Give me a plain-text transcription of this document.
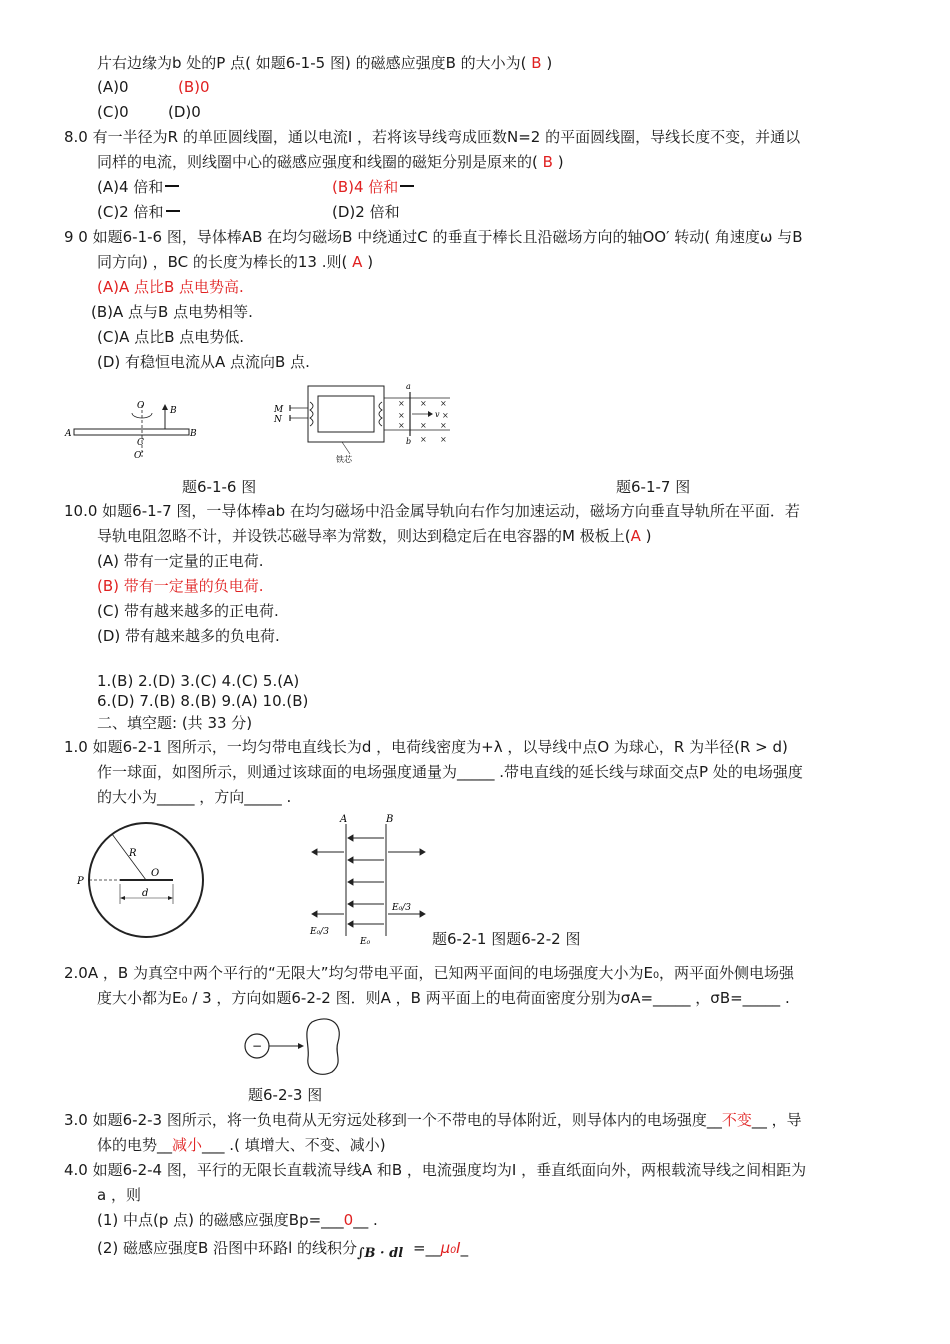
片右边缘为b 处的P 点( 如题6-1-5 图) 的磁感应强度B 的大小为( B )
(A)0	(B)0
(C)0	(D)0
8.0 有一半径为R 的单匝圆线圈，通以电流I ，若将该导线弯成匝数N=2 的平面圆线圈，导线长度不变，并通以
同样的电流，则线圈中心的磁感应强度和线圈的磁矩分别是原来的( B )
(A)4 倍和	(B)4 倍和
(C)2 倍和	(D)2 倍和
9 0 如题6-1-6 图，导体棒AB 在均匀磁场B 中绕通过C 的垂直于棒长且沿磁场方向的轴OO′ 转动( 角速度ω 与B
同方向) ，BC 的长度为棒长的13 .则( A )
(A)A 点比B 点电势高.
(B)A 点与B 点电势相等.
(C)A 点比B 点电势低.
(D) 有稳恒电流从A 点流向B 点.
O	B
A
C
B
O′
M
N
a
b
v
× × ×
×	×
× × ×
× ×
铁芯
题6-1-6 图	题6-1-7 图
10.0 如题6-1-7 图，一导体棒ab 在均匀磁场中沿金属导轨向右作匀加速运动，磁场方向垂直导轨所在平面．若
导轨电阻忽略不计，并设铁芯磁导率为常数，则达到稳定后在电容器的M 极板上(A )
(A) 带有一定量的正电荷.
(B) 带有一定量的负电荷.
(C) 带有越来越多的正电荷.
(D) 带有越来越多的负电荷.
1.(B) 2.(D) 3.(C) 4.(C) 5.(A)
6.(D) 7.(B) 8.(B) 9.(A) 10.(B)
二、填空题: (共 33 分)
1.0 如题6-2-1 图所示，一均匀带电直线长为d ，电荷线密度为+λ ，以导线中点O 为球心，R 为半径(R > d)
作一球面，如图所示，则通过该球面的电场强度通量为_____ .带电直线的延长线与球面交点P 处的电场强度
的大小为_____ ，方向_____ .
R
O
P
d
A	B
E₀/3
E₀/3
E₀	题6-2-1 图题6-2-2 图
2.0A ，B 为真空中两个平行的“无限大”均匀带电平面，已知两平面间的电场强度大小为E₀，两平面外侧电场强
度大小都为E₀ / 3 ，方向如题6-2-2 图．则A ，B 两平面上的电荷面密度分别为σA=_____ ，σB=_____ .
−
题6-2-3 图
3.0 如题6-2-3 图所示，将一负电荷从无穷远处移到一个不带电的导体附近，则导体内的电场强度__不变__ ，导
体的电势__减小___ .( 填增大、不变、减小)
4.0 如题6-2-4 图，平行的无限长直载流导线A 和B ，电流强度均为I ，垂直纸面向外，两根载流导线之间相距为
a ，则
(1) 中点(p 点) 的磁感应强度Bp=___0__ .
(2) 磁感应强度B 沿图中环路l 的线积分∫B · dl =__μ₀I_
